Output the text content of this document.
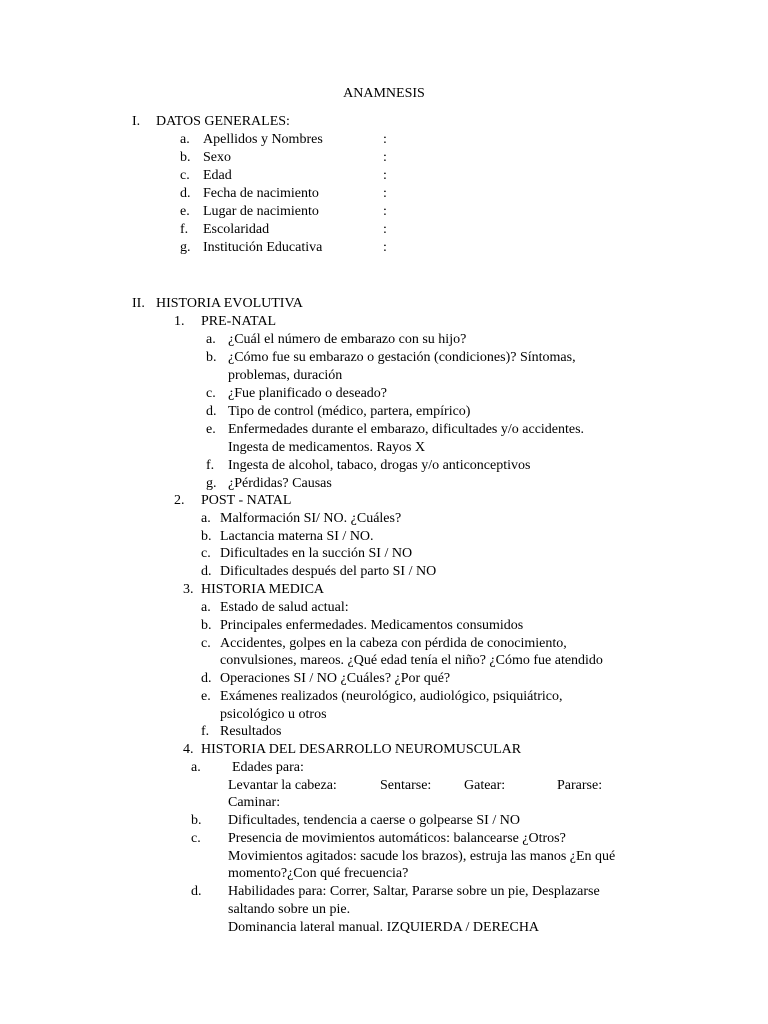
ANAMNESIS
I. DATOS GENERALES:
a. Apellidos y Nombres	:
b. Sexo	:
c. Edad	:
d. Fecha de nacimiento	:
e. Lugar de nacimiento	:
f. Escolaridad	:
g. Institución Educativa	:
II. HISTORIA EVOLUTIVA
1. PRE-NATAL
a. ¿Cuál el número de embarazo con su hijo?
b. ¿Cómo fue su embarazo o gestación (condiciones)? Síntomas,
problemas, duración
c. ¿Fue planificado o deseado?
d. Tipo de control (médico, partera, empírico)
e. Enfermedades durante el embarazo, dificultades y/o accidentes.
Ingesta de medicamentos. Rayos X
f. Ingesta de alcohol, tabaco, drogas y/o anticonceptivos
g. ¿Pérdidas? Causas
2. POST - NATAL
a. Malformación SI/ NO. ¿Cuáles?
b. Lactancia materna SI / NO.
c. Dificultades en la succión SI / NO
d. Dificultades después del parto SI / NO
3. HISTORIA MEDICA
a. Estado de salud actual:
b. Principales enfermedades. Medicamentos consumidos
c. Accidentes, golpes en la cabeza con pérdida de conocimiento,
convulsiones, mareos. ¿Qué edad tenía el niño? ¿Cómo fue atendido
d. Operaciones SI / NO ¿Cuáles? ¿Por qué?
e. Exámenes realizados (neurológico, audiológico, psiquiátrico,
psicológico u otros
f. Resultados
4. HISTORIA DEL DESARROLLO NEUROMUSCULAR
a. Edades para:
Levantar la cabeza:	Sentarse: Gatear:	Pararse:
Caminar:
b. Dificultades, tendencia a caerse o golpearse SI / NO
c. Presencia de movimientos automáticos: balancearse ¿Otros?
Movimientos agitados: sacude los brazos), estruja las manos ¿En qué
momento?¿Con qué frecuencia?
d. Habilidades para: Correr, Saltar, Pararse sobre un pie, Desplazarse
saltando sobre un pie.
Dominancia lateral manual. IZQUIERDA / DERECHA
